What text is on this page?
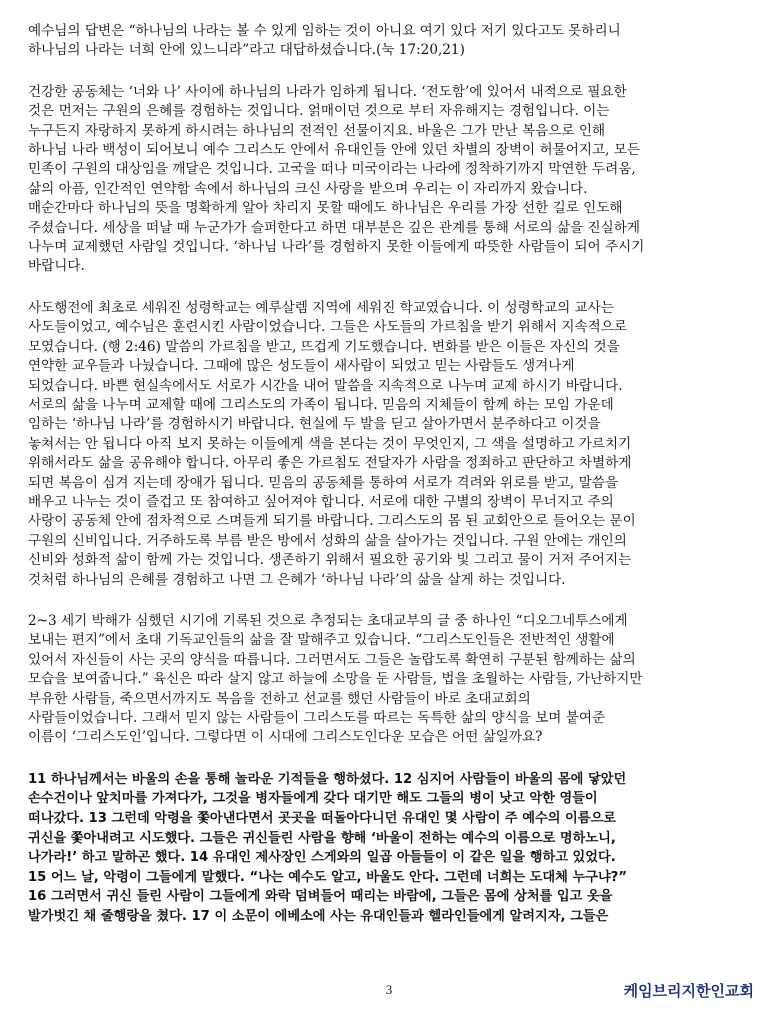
예수님의 답변은 “하나님의 나라는 볼 수 있게 임하는 것이 아니요 여기 있다 저기 있다고도 못하리니
하나님의 나라는 너희 안에 있느니라”라고 대답하셨습니다.(눅 17:20,21)
건강한 공동체는 ‘너와 나’ 사이에 하나님의 나라가 임하게 됩니다. ‘전도함’에 있어서 내적으로 필요한
것은 먼저는 구원의 은혜를 경험하는 것입니다. 얽매이던 것으로 부터 자유해지는 경험입니다. 이는
누구든지 자랑하지 못하게 하시려는 하나님의 전적인 선물이지요. 바울은 그가 만난 복음으로 인해
하나님 나라 백성이 되어보니 예수 그리스도 안에서 유대인들 안에 있던 차별의 장벽이 허물어지고, 모든
민족이 구원의 대상임을 깨달은 것입니다. 고국을 떠나 미국이라는 나라에 정착하기까지 막연한 두려움,
삶의 아픔, 인간적인 연약함 속에서 하나님의 크신 사랑을 받으며 우리는 이 자리까지 왔습니다.
매순간마다 하나님의 뜻을 명확하게 알아 차리지 못할 때에도 하나님은 우리를 가장 선한 길로 인도해
주셨습니다. 세상을 떠날 때 누군가가 슬퍼한다고 하면 대부분은 깊은 관계를 통해 서로의 삶을 진실하게
나누며 교제했던 사람일 것입니다. ‘하나님 나라’를 경험하지 못한 이들에게 따뜻한 사람들이 되어 주시기
바랍니다.
사도행전에 최초로 세워진 성령학교는 예루살렘 지역에 세워진 학교였습니다. 이 성령학교의 교사는
사도들이었고, 예수님은 훈련시킨 사람이었습니다. 그들은 사도들의 가르침을 받기 위해서 지속적으로
모였습니다. (행 2:46) 말씀의 가르침을 받고, 뜨겁게 기도했습니다. 변화를 받은 이들은 자신의 것을
연약한 교우들과 나눴습니다. 그때에 많은 성도들이 새사람이 되었고 믿는 사람들도 생겨나게
되었습니다. 바쁜 현실속에서도 서로가 시간을 내어 말씀을 지속적으로 나누며 교제 하시기 바랍니다.
서로의 삶을 나누며 교제할 때에 그리스도의 가족이 됩니다. 믿음의 지체들이 함께 하는 모임 가운데
임하는 ‘하나님 나라’를 경험하시기 바랍니다. 현실에 두 발을 딛고 살아가면서 분주하다고 이것을
놓쳐서는 안 됩니다 아직 보지 못하는 이들에게 색을 본다는 것이 무엇인지, 그 색을 설명하고 가르치기
위해서라도 삶을 공유해야 합니다. 아무리 좋은 가르침도 전달자가 사람을 정죄하고 판단하고 차별하게
되면 복음이 심겨 지는데 장애가 됩니다. 믿음의 공동체를 통하여 서로가 격려와 위로를 받고, 말씀을
배우고 나누는 것이 즐겁고 또 참여하고 싶어져야 합니다. 서로에 대한 구별의 장벽이 무너지고 주의
사랑이 공동체 안에 점차적으로 스며들게 되기를 바랍니다. 그리스도의 몸 된 교회안으로 들어오는 문이
구원의 신비입니다. 거주하도록 부름 받은 방에서 성화의 삶을 살아가는 것입니다. 구원 안에는 개인의
신비와 성화적 삶이 함께 가는 것입니다. 생존하기 위해서 필요한 공기와 빛 그리고 물이 거저 주어지는
것처럼 하나님의 은혜를 경험하고 나면 그 은혜가 ‘하나님 나라’의 삶을 살게 하는 것입니다.
2~3 세기 박해가 심했던 시기에 기록된 것으로 추정되는 초대교부의 글 중 하나인 “디오그네투스에게
보내는 편지”에서 초대 기독교인들의 삶을 잘 말해주고 있습니다. “그리스도인들은 전반적인 생활에
있어서 자신들이 사는 곳의 양식을 따릅니다. 그러면서도 그들은 놀랍도록 확연히 구분된 함께하는 삶의
모습을 보여줍니다.” 육신은 따라 살지 않고 하늘에 소망을 둔 사람들, 법을 초월하는 사람들, 가난하지만
부유한 사람들, 죽으면서까지도 복음을 전하고 선교를 했던 사람들이 바로 초대교회의
사람들이었습니다. 그래서 믿지 않는 사람들이 그리스도를 따르는 독특한 삶의 양식을 보며 붙여준
이름이 ‘그리스도인’입니다. 그렇다면 이 시대에 그리스도인다운 모습은 어떤 삶일까요?
11 하나님께서는 바울의 손을 통해 놀라운 기적들을 행하셨다. 12 심지어 사람들이 바울의 몸에 닿았던
손수건이나 앞치마를 가져다가, 그것을 병자들에게 갖다 대기만 해도 그들의 병이 낫고 악한 영들이
떠나갔다. 13 그런데 악령을 쫓아낸다면서 곳곳을 떠돌아다니던 유대인 몇 사람이 주 예수의 이름으로
귀신을 쫓아내려고 시도했다. 그들은 귀신들린 사람을 향해 ‘바울이 전하는 예수의 이름으로 명하노니,
나가라!’ 하고 말하곤 했다. 14 유대인 제사장인 스게와의 일곱 아들들이 이 같은 일을 행하고 있었다.
15 어느 날, 악령이 그들에게 말했다. “나는 예수도 알고, 바울도 안다. 그런데 너희는 도대체 누구냐?”
16 그러면서 귀신 들린 사람이 그들에게 와락 덤벼들어 때리는 바람에, 그들은 몸에 상처를 입고 옷을
발가벗긴 채 줄행랑을 쳤다. 17 이 소문이 에베소에 사는 유대인들과 헬라인들에게 알려지자, 그들은
3	케임브리지한인교회
